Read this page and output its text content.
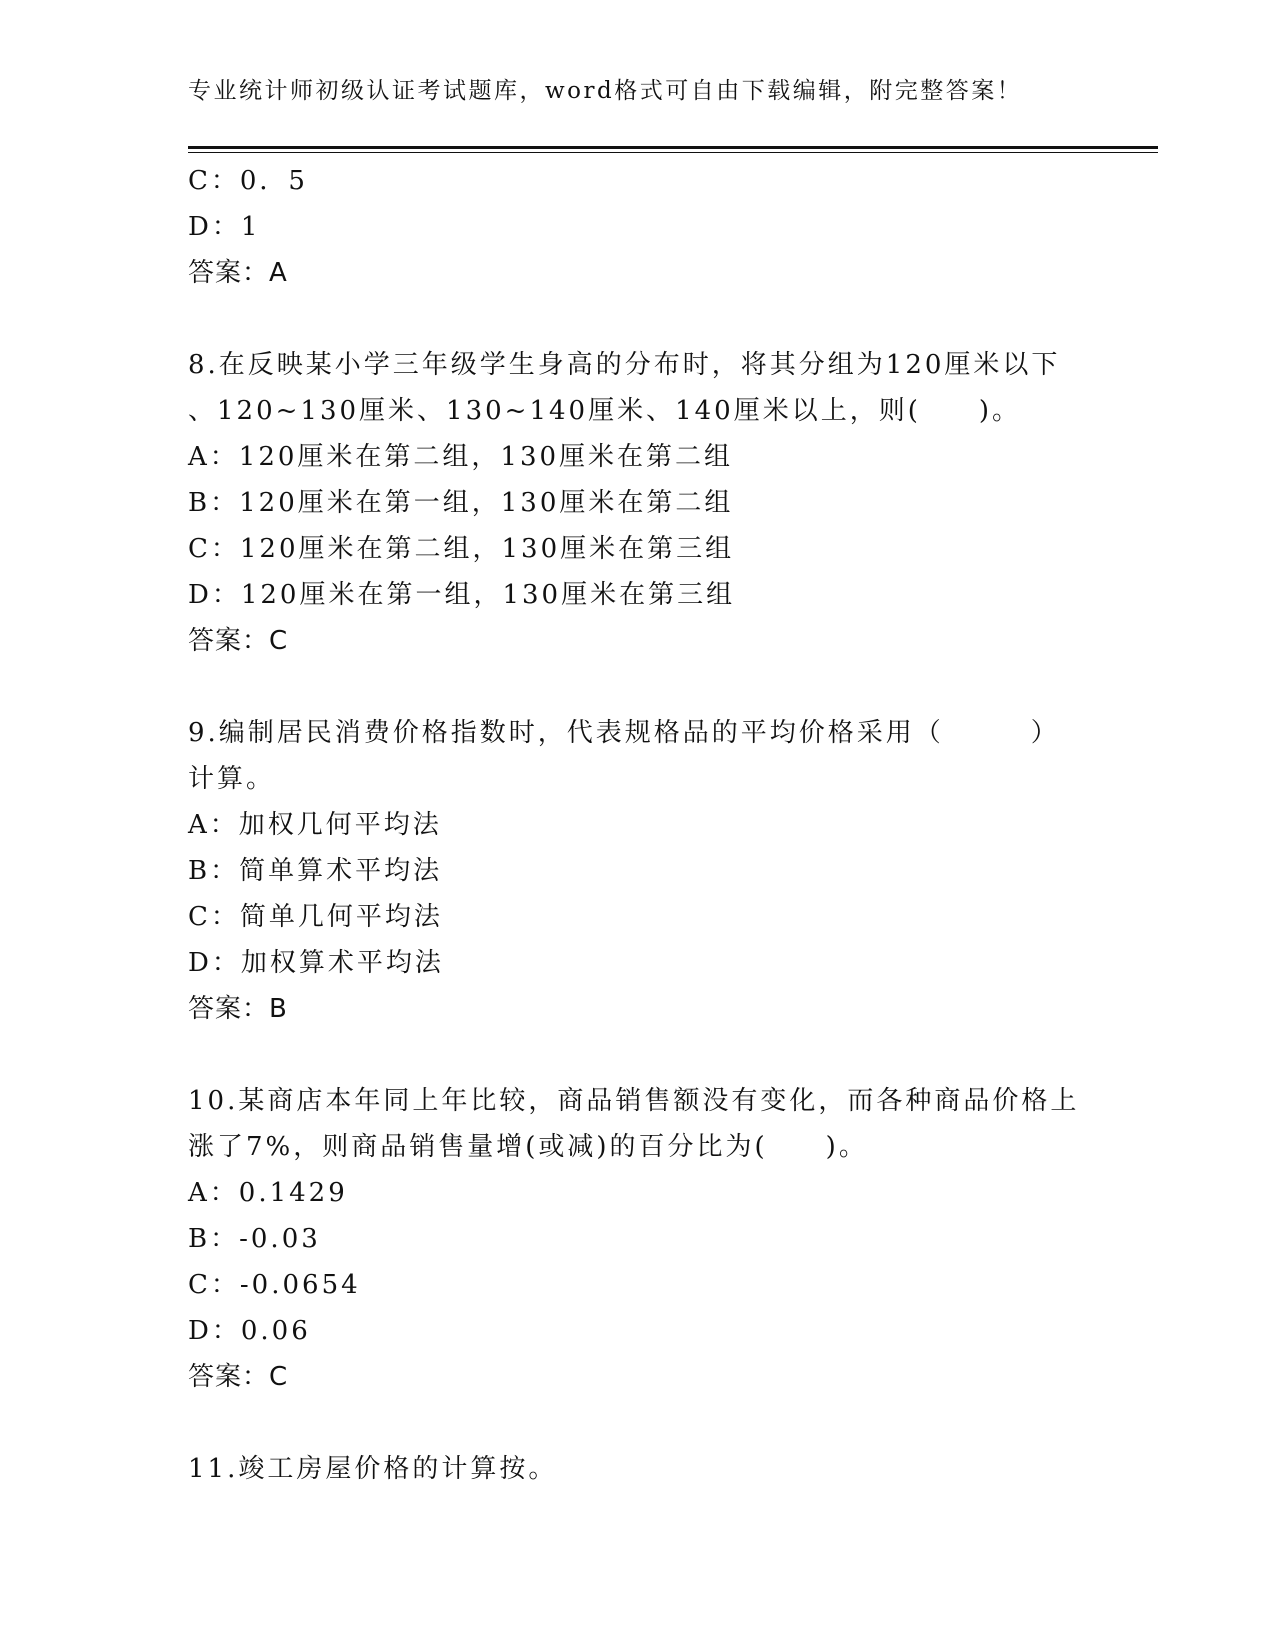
专业统计师初级认证考试题库，word格式可自由下载编辑，附完整答案！
C：0．5
D：1
答案：A
8.在反映某小学三年级学生身高的分布时，将其分组为120厘米以下
、120~130厘米、130~140厘米、140厘米以上，则(　　)。
A：120厘米在第二组，130厘米在第二组
B：120厘米在第一组，130厘米在第二组
C：120厘米在第二组，130厘米在第三组
D：120厘米在第一组，130厘米在第三组
答案：C
9.编制居民消费价格指数时，代表规格品的平均价格采用（　　　）
计算。
A：加权几何平均法
B：简单算术平均法
C：简单几何平均法
D：加权算术平均法
答案：B
10.某商店本年同上年比较，商品销售额没有变化，而各种商品价格上
涨了7%，则商品销售量增(或减)的百分比为(　　)。
A：0.1429
B：-0.03
C：-0.0654
D：0.06
答案：C
11.竣工房屋价格的计算按。
